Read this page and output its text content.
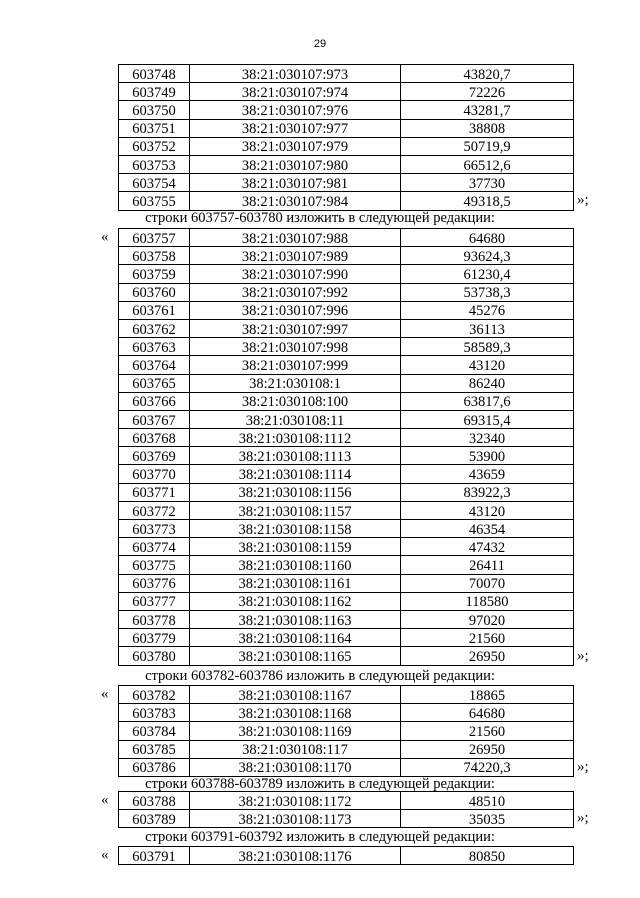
29
603748	38:21:030107:973	43820,7
603749	38:21:030107:974	72226
603750	38:21:030107:976	43281,7
603751	38:21:030107:977	38808
603752	38:21:030107:979	50719,9
603753	38:21:030107:980	66512,6
603754	38:21:030107:981	37730
603755	38:21:030107:984	49318,5	»;
строки 603757-603780 изложить в следующей редакции:
« 603757	38:21:030107:988	64680
603758	38:21:030107:989	93624,3
603759	38:21:030107:990	61230,4
603760	38:21:030107:992	53738,3
603761	38:21:030107:996	45276
603762	38:21:030107:997	36113
603763	38:21:030107:998	58589,3
603764	38:21:030107:999	43120
603765	38:21:030108:1	86240
603766	38:21:030108:100	63817,6
603767	38:21:030108:11	69315,4
603768	38:21:030108:1112	32340
603769	38:21:030108:1113	53900
603770	38:21:030108:1114	43659
603771	38:21:030108:1156	83922,3
603772	38:21:030108:1157	43120
603773	38:21:030108:1158	46354
603774	38:21:030108:1159	47432
603775	38:21:030108:1160	26411
603776	38:21:030108:1161	70070
603777	38:21:030108:1162	118580
603778	38:21:030108:1163	97020
603779	38:21:030108:1164	21560
603780	38:21:030108:1165	26950	»;
строки 603782-603786 изложить в следующей редакции:
« 603782	38:21:030108:1167	18865
603783	38:21:030108:1168	64680
603784	38:21:030108:1169	21560
603785	38:21:030108:117	26950
603786	38:21:030108:1170	74220,3	»;
строки 603788-603789 изложить в следующей редакции:
« 603788	38:21:030108:1172	48510
603789	38:21:030108:1173	35035	»;
строки 603791-603792 изложить в следующей редакции:
« 603791	38:21:030108:1176	80850
